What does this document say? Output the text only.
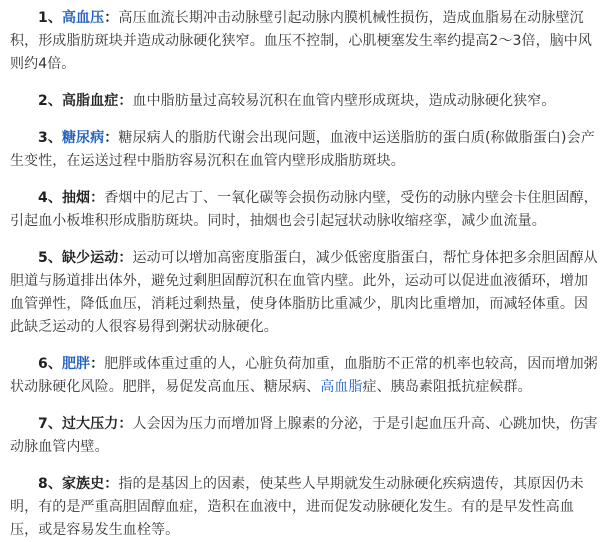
1、高血压：高压血流长期冲击动脉壁引起动脉内膜机械性损伤，造成血脂易在动脉壁沉积，形成脂肪斑块并造成动脉硬化狭窄。血压不控制，心肌梗塞发生率约提高2～3倍，脑中风则约4倍。

2、高脂血症：血中脂肪量过高较易沉积在血管内壁形成斑块，造成动脉硬化狭窄。

3、糖尿病：糖尿病人的脂肪代谢会出现问题，血液中运送脂肪的蛋白质(称做脂蛋白)会产生变性，在运送过程中脂肪容易沉积在血管内壁形成脂肪斑块。

4、抽烟：香烟中的尼古丁、一氧化碳等会损伤动脉内壁，受伤的动脉内壁会卡住胆固醇，引起血小板堆积形成脂肪斑块。同时，抽烟也会引起冠状动脉收缩痉挛，减少血流量。

5、缺少运动：运动可以增加高密度脂蛋白，减少低密度脂蛋白，帮忙身体把多余胆固醇从胆道与肠道排出体外，避免过剩胆固醇沉积在血管内壁。此外，运动可以促进血液循环，增加血管弹性，降低血压，消耗过剩热量，使身体脂肪比重减少，肌肉比重增加，而减轻体重。因此缺乏运动的人很容易得到粥状动脉硬化。

6、肥胖：肥胖或体重过重的人，心脏负荷加重，血脂肪不正常的机率也较高，因而增加粥状动脉硬化风险。肥胖，易促发高血压、糖尿病、高血脂症、胰岛素阻抵抗症候群。

7、过大压力：人会因为压力而增加肾上腺素的分泌，于是引起血压升高、心跳加快，伤害动脉血管内壁。

8、家族史：指的是基因上的因素，使某些人早期就发生动脉硬化疾病遗传，其原因仍未明，有的是严重高胆固醇血症，造积在血液中，进而促发动脉硬化发生。有的是早发性高血压，或是容易发生血栓等。
